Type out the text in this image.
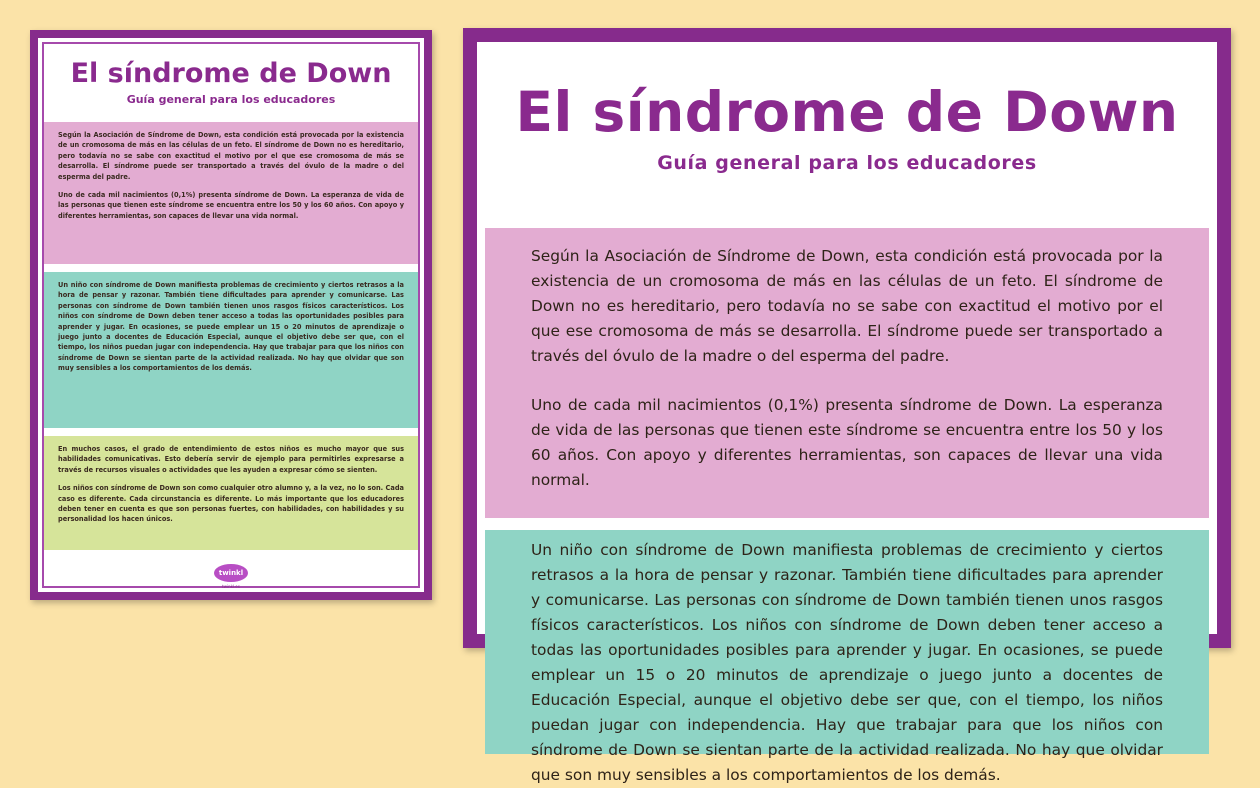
El síndrome de Down
Guía general para los educadores

Según la Asociación de Síndrome de Down, esta condición está provocada por la existencia de un cromosoma de más en las células de un feto. El síndrome de Down no es hereditario, pero todavía no se sabe con exactitud el motivo por el que ese cromosoma de más se desarrolla. El síndrome puede ser transportado a través del óvulo de la madre o del esperma del padre.

Uno de cada mil nacimientos (0,1%) presenta síndrome de Down. La esperanza de vida de las personas que tienen este síndrome se encuentra entre los 50 y los 60 años. Con apoyo y diferentes herramientas, son capaces de llevar una vida normal.

Un niño con síndrome de Down manifiesta problemas de crecimiento y ciertos retrasos a la hora de pensar y razonar. También tiene dificultades para aprender y comunicarse. Las personas con síndrome de Down también tienen unos rasgos físicos característicos. Los niños con síndrome de Down deben tener acceso a todas las oportunidades posibles para aprender y jugar. En ocasiones, se puede emplear un 15 o 20 minutos de aprendizaje o juego junto a docentes de Educación Especial, aunque el objetivo debe ser que, con el tiempo, los niños puedan jugar con independencia. Hay que trabajar para que los niños con síndrome de Down se sientan parte de la actividad realizada. No hay que olvidar que son muy sensibles a los comportamientos de los demás.

En muchos casos, el grado de entendimiento de estos niños es mucho mayor que sus habilidades comunicativas. Esto debería servir de ejemplo para permitirles expresarse a través de recursos visuales o actividades que les ayuden a expresar cómo se sienten.

Los niños con síndrome de Down son como cualquier otro alumno y, a la vez, no lo son. Cada caso es diferente. Cada circunstancia es diferente. Lo más importante que los educadores deben tener en cuenta es que son personas fuertes, con habilidades, con habilidades y su personalidad los hacen únicos.

twinkl
twinkl.es
El síndrome de Down
Guía general para los educadores

Según la Asociación de Síndrome de Down, esta condición está provocada por la existencia de un cromosoma de más en las células de un feto. El síndrome de Down no es hereditario, pero todavía no se sabe con exactitud el motivo por el que ese cromosoma de más se desarrolla. El síndrome puede ser transportado a través del óvulo de la madre o del esperma del padre.

Uno de cada mil nacimientos (0,1%) presenta síndrome de Down. La esperanza de vida de las personas que tienen este síndrome se encuentra entre los 50 y los 60 años. Con apoyo y diferentes herramientas, son capaces de llevar una vida normal.

Un niño con síndrome de Down manifiesta problemas de crecimiento y ciertos retrasos a la hora de pensar y razonar. También tiene dificultades para aprender y comunicarse. Las personas con síndrome de Down también tienen unos rasgos físicos característicos. Los niños con síndrome de Down deben tener acceso a todas las oportunidades posibles para aprender y jugar. En ocasiones, se puede emplear un 15 o 20 minutos de aprendizaje o juego junto a docentes de Educación Especial, aunque el objetivo debe ser que, con el tiempo, los niños puedan jugar con independencia. Hay que trabajar para que los niños con síndrome de Down se sientan parte de la actividad realizada. No hay que olvidar que son muy sensibles a los comportamientos de los demás.
